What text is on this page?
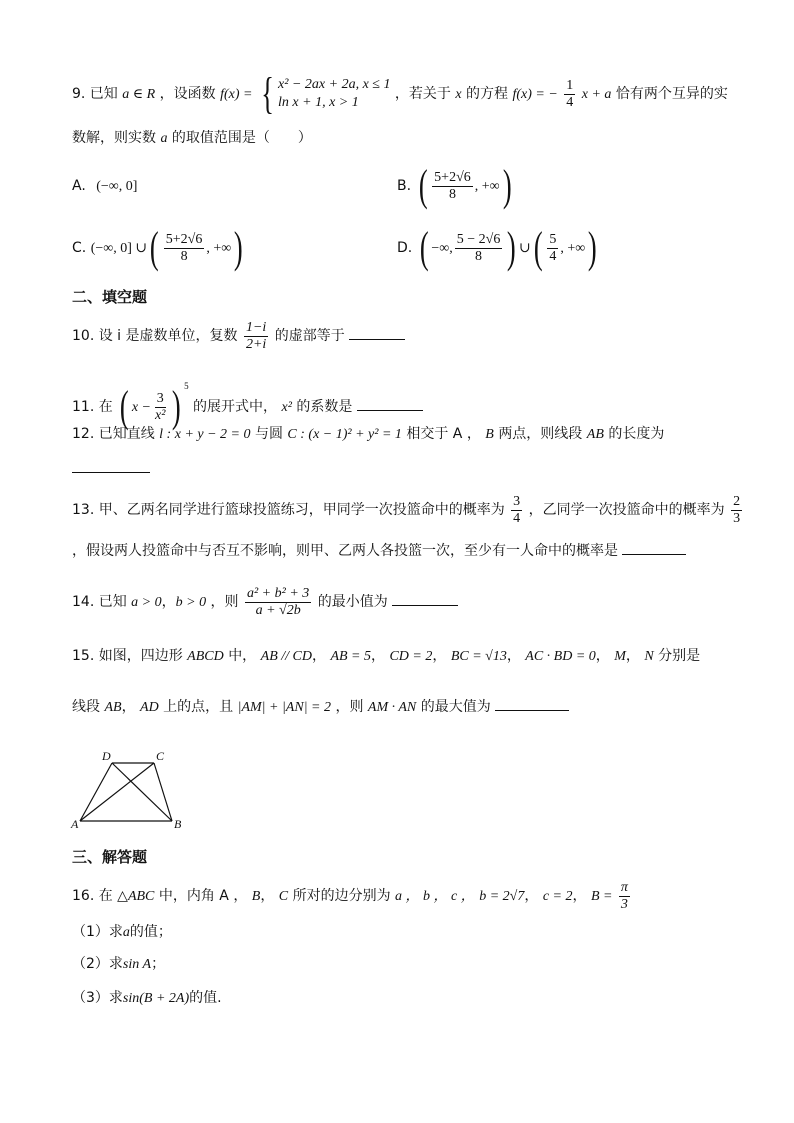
9. 已知 a ∈ R ，设函数 f(x) = { x² − 2ax + 2a, x ≤ 1
ln x + 1, x > 1
，若关于 x 的方程 f(x) = − $\frac{1}{4}$ x + a 恰有两个互异的实
数解，则实数 a 的取值范围是（　　）
A. (−∞, 0]	B. ( $\frac{5+2√6}{8}$ , +∞)
C. (−∞, 0] ∪( $\frac{5+2√6}{8}$ , +∞)	D. ( −∞, $\frac{5 - 2√6}{8}$ ) ∪( $\frac{5}{4}$ , +∞)
二、填空题
10. 设 i 是虚数单位，复数 $\frac{1-i}{2+i}$ 的虚部等于
11. 在 ( $x - \frac{3}{\text{x²}}$ ) $^5$ 的展开式中， x² 的系数是
12. 已知直线 l : x + y − 2 = 0 与圆 C : (x − 1)² + y² = 1 相交于 A ， B 两点，则线段 AB 的长度为
13. 甲、乙两名同学进行篮球投篮练习，甲同学一次投篮命中的概率为 $\frac{3}{4}$ ，乙同学一次投篮命中的概率为 $\frac{2}{3}$
，假设两人投篮命中与否互不影响，则甲、乙两人各投篮一次，至少有一人命中的概率是
14. 已知 a > 0，b > 0 ，则 $\frac{\text{a² + b² + 3}}{a + √2b}$ 的最小值为
15. 如图，四边形 ABCD 中， AB // CD， AB = 5， CD = 2， BC = √13， AC · BD = 0， M， N 分别是
线段 AB， AD 上的点，且 |AM| + |AN| = 2 ，则 AM · AN 的最大值为
D	C
A	B
三、解答题
16. 在 △ABC 中，内角 A ， B， C 所对的边分别为 a ， b ， c ， b = 2√7， c = 2， $B = \frac{\pi}{3}$
（1）求a的值；
（2）求sin A；
（3）求sin(B + 2A)的值.
